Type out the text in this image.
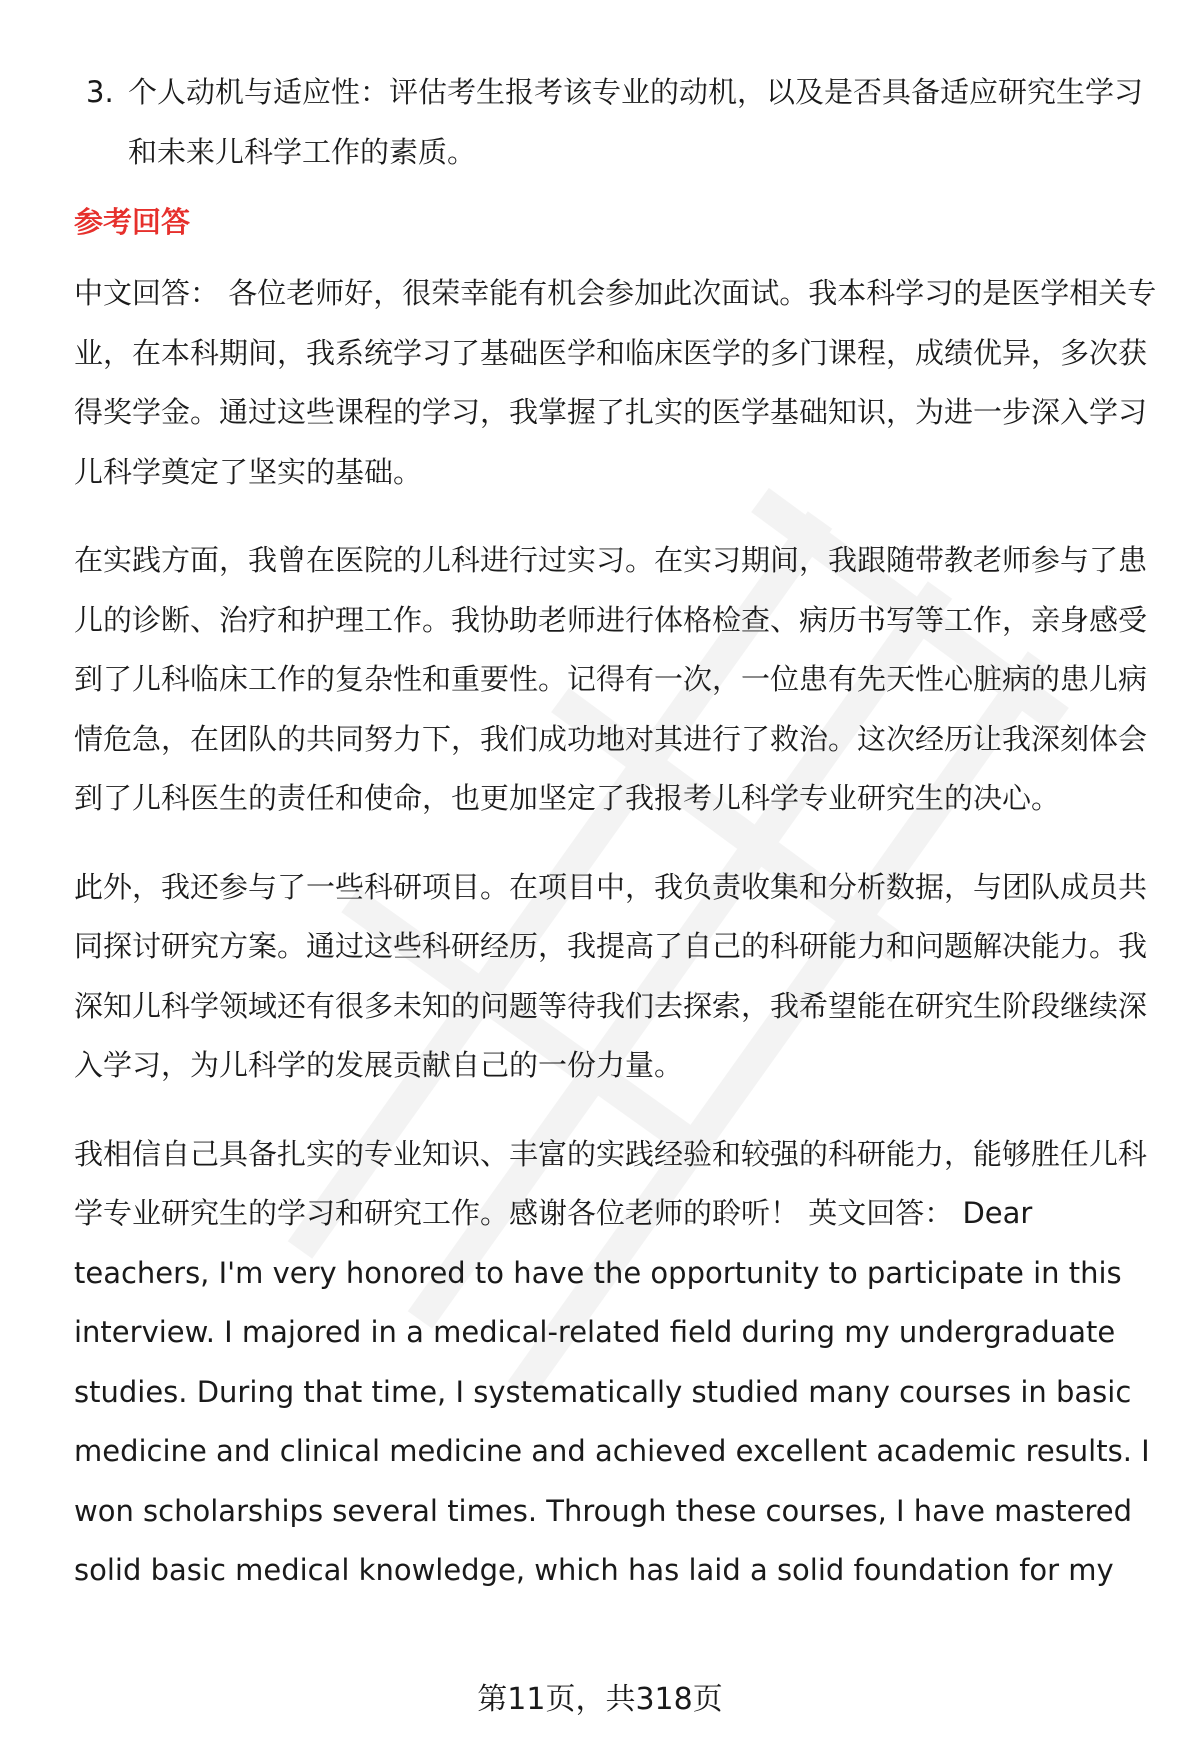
3. 个人动机与适应性：评估考生报考该专业的动机，以及是否具备适应研究生学习和未来儿科学工作的素质。
参考回答

中文回答： 各位老师好，很荣幸能有机会参加此次面试。我本科学习的是医学相关专业，在本科期间，我系统学习了基础医学和临床医学的多门课程，成绩优异，多次获得奖学金。通过这些课程的学习，我掌握了扎实的医学基础知识，为进一步深入学习儿科学奠定了坚实的基础。

在实践方面，我曾在医院的儿科进行过实习。在实习期间，我跟随带教老师参与了患儿的诊断、治疗和护理工作。我协助老师进行体格检查、病历书写等工作，亲身感受到了儿科临床工作的复杂性和重要性。记得有一次，一位患有先天性心脏病的患儿病情危急，在团队的共同努力下，我们成功地对其进行了救治。这次经历让我深刻体会到了儿科医生的责任和使命，也更加坚定了我报考儿科学专业研究生的决心。

此外，我还参与了一些科研项目。在项目中，我负责收集和分析数据，与团队成员共同探讨研究方案。通过这些科研经历，我提高了自己的科研能力和问题解决能力。我深知儿科学领域还有很多未知的问题等待我们去探索，我希望能在研究生阶段继续深入学习，为儿科学的发展贡献自己的一份力量。

我相信自己具备扎实的专业知识、丰富的实践经验和较强的科研能力，能够胜任儿科学专业研究生的学习和研究工作。感谢各位老师的聆听！ 英文回答： Dear teachers, I'm very honored to have the opportunity to participate in this interview. I majored in a medical-related field during my undergraduate studies. During that time, I systematically studied many courses in basic medicine and clinical medicine and achieved excellent academic results. I won scholarships several times. Through these courses, I have mastered solid basic medical knowledge, which has laid a solid foundation for my

第11页，共318页
